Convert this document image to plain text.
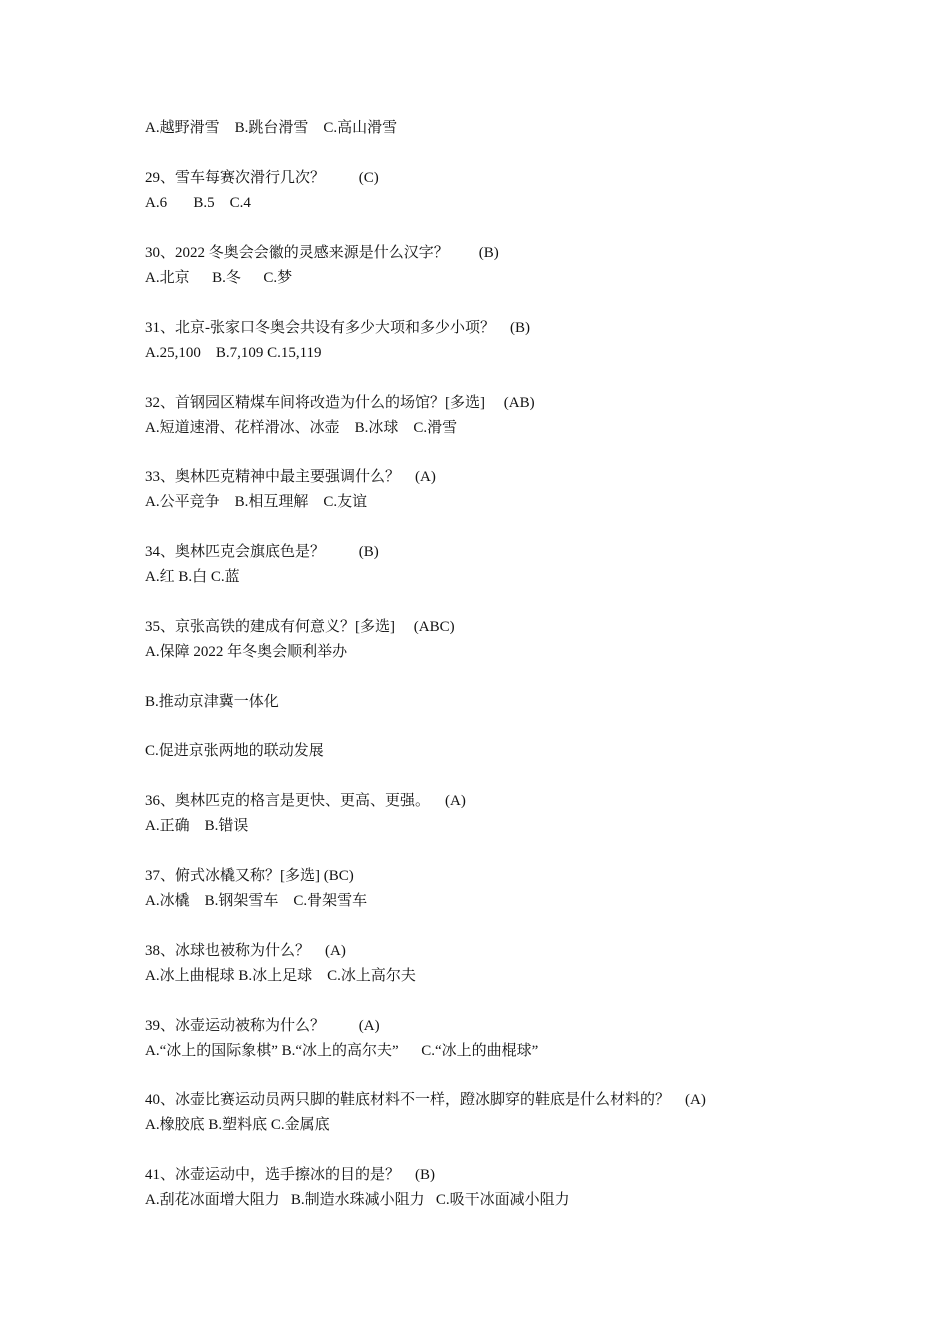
A.越野滑雪    B.跳台滑雪    C.高山滑雪
29、雪车每赛次滑行几次？         (C)
A.6       B.5    C.4
30、2022 冬奥会会徽的灵感来源是什么汉字？        (B)
A.北京      B.冬      C.梦
31、北京-张家口冬奥会共设有多少大项和多少小项？    (B)
A.25,100    B.7,109 C.15,119
32、首钢园区精煤车间将改造为什么的场馆？[多选]     (AB)
A.短道速滑、花样滑冰、冰壶    B.冰球    C.滑雪
33、奥林匹克精神中最主要强调什么？    (A)
A.公平竞争    B.相互理解    C.友谊
34、奥林匹克会旗底色是？         (B)
A.红 B.白 C.蓝
35、京张高铁的建成有何意义？[多选]     (ABC)
A.保障 2022 年冬奥会顺利举办
B.推动京津冀一体化
C.促进京张两地的联动发展
36、奥林匹克的格言是更快、更高、更强。    (A)
A.正确    B.错误
37、俯式冰橇又称？[多选] (BC)
A.冰橇    B.钢架雪车    C.骨架雪车
38、冰球也被称为什么？    (A)
A.冰上曲棍球 B.冰上足球    C.冰上高尔夫
39、冰壶运动被称为什么？         (A)
A.“冰上的国际象棋” B.“冰上的高尔夫”      C.“冰上的曲棍球”
40、冰壶比赛运动员两只脚的鞋底材料不一样，蹬冰脚穿的鞋底是什么材料的？    (A)
A.橡胶底 B.塑料底 C.金属底
41、冰壶运动中，选手擦冰的目的是？    (B)
A.刮花冰面增大阻力   B.制造水珠减小阻力   C.吸干冰面减小阻力
